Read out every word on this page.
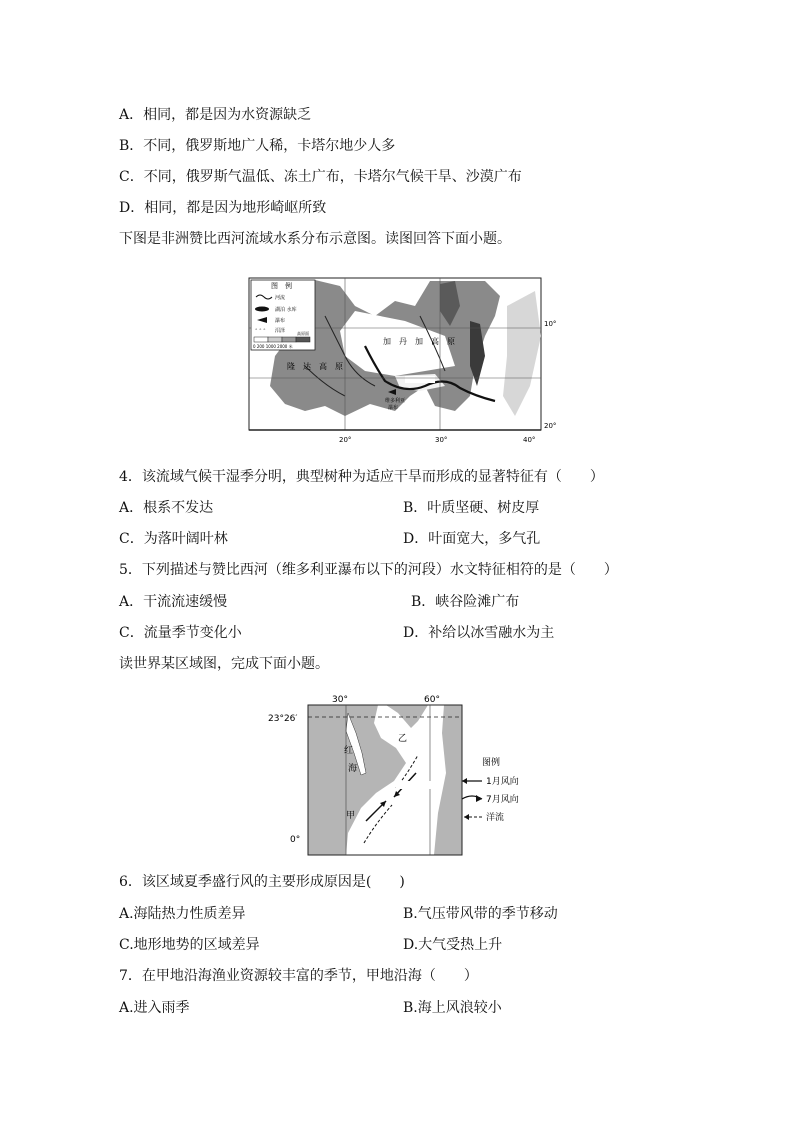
A．相同，都是因为水资源缺乏
B．不同，俄罗斯地广人稀，卡塔尔地少人多
C．不同，俄罗斯气温低、冻土广布，卡塔尔气候干旱、沙漠广布
D．相同，都是因为地形崎岖所致
下图是非洲赞比西河流域水系分布示意图。读图回答下面小题。
° ° °
图　例
河流
湖泊 水库
瀑布
沼泽
0 200 1000 2000 米
高原面
加　丹　加　高　原
隆　达　高　原
维多利亚
瀑布
10°
20°
20°	30°	40°
4．该流域气候干湿季分明，典型树种为适应干旱而形成的显著特征有（　　）
A．根系不发达	B．叶质坚硬、树皮厚
C．为落叶阔叶林	D．叶面宽大，多气孔
5．下列描述与赞比西河（维多利亚瀑布以下的河段）水文特征相符的是（　　）
A．干流流速缓慢	B．峡谷险滩广布
C．流量季节变化小	D．补给以冰雪融水为主
读世界某区域图，完成下面小题。
30°	60°
23°26′
0°
红
海
乙
甲
图例
1月风向
7月风向
洋流
6．该区域夏季盛行风的主要形成原因是(　　)
A.海陆热力性质差异	B.气压带风带的季节移动
C.地形地势的区域差异	D.大气受热上升
7．在甲地沿海渔业资源较丰富的季节，甲地沿海（　　）
A.进入雨季	B.海上风浪较小
